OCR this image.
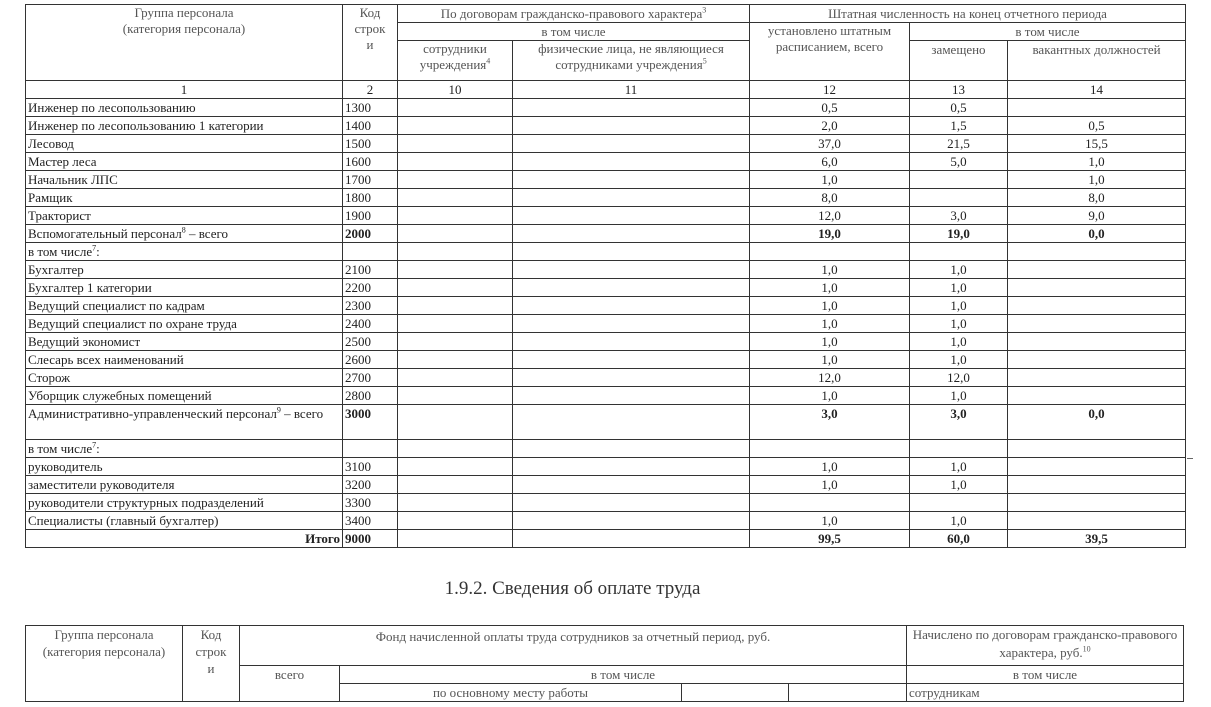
Группа персонала
(категория персонала)	Код
строк
и	По договорам гражданско-правового характера$^3$		Штатная численность на конец отчетного периода		
		в том числе		установлено штатным расписанием, всего	в том числе	
		сотрудники учреждения$^4$	физические лица, не являющиеся сотрудниками учреждения$^5$		замещено	вакантных должностей
1	2	10	11	12	13	14
Инженер по лесопользованию	1300			0,5	0,5	
Инженер по лесопользованию 1 категории	1400			2,0	1,5	0,5
Лесовод	1500			37,0	21,5	15,5
Мастер леса	1600			6,0	5,0	1,0
Начальник ЛПС	1700			1,0		1,0
Рамщик	1800			8,0		8,0
Тракторист	1900			12,0	3,0	9,0
Вспомогательный персонал$^8$ – всего	2000			19,0	19,0	0,0
в том числе$^7$:						
Бухгалтер	2100			1,0	1,0	
Бухгалтер 1 категории	2200			1,0	1,0	
Ведущий специалист по кадрам	2300			1,0	1,0	
Ведущий специалист по охране труда	2400			1,0	1,0	
Ведущий экономист	2500			1,0	1,0	
Слесарь всех наименований	2600			1,0	1,0	
Сторож	2700			12,0	12,0	
Уборщик служебных помещений	2800			1,0	1,0	
Административно-управленческий персонал$^9$ – всего	3000			3,0	3,0	0,0
в том числе$^7$:						
руководитель	3100			1,0	1,0	
заместители руководителя	3200			1,0	1,0	
руководители структурных подразделений	3300					
Специалисты (главный бухгалтер)	3400			1,0	1,0	
Итого	9000			99,5	60,0	39,5
1.9.2. Сведения об оплате труда
Группа персонала
(категория персонала)	Код
строк
и	Фонд начисленной оплаты труда сотрудников за отчетный период, руб.				Начислено по договорам гражданско-правового характера, руб.$^{10}$
		всего	в том числе			в том числе
			по основному месту работы			сотрудникам
